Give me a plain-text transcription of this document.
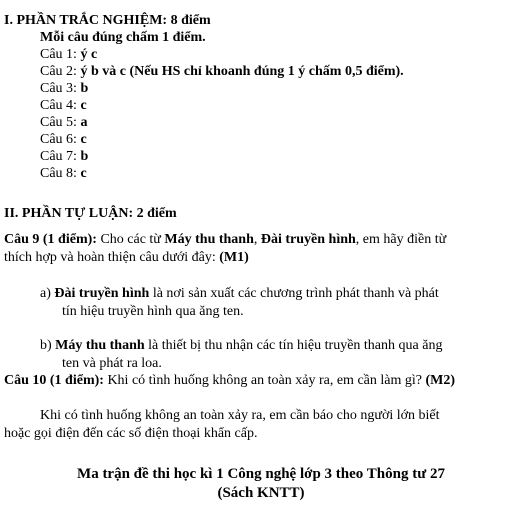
I. PHẦN TRẮC NGHIỆM: 8 điểm
Mỗi câu đúng chấm 1 điểm.
Câu 1: ý c
Câu 2: ý b và c (Nếu HS chỉ khoanh đúng 1 ý chấm 0,5 điểm).
Câu 3: b
Câu 4: c
Câu 5: a
Câu 6: c
Câu 7: b
Câu 8: c
II. PHẦN TỰ LUẬN: 2 điểm
Câu 9 (1 điểm): Cho các từ Máy thu thanh, Đài truyền hình, em hãy điền từ
thích hợp và hoàn thiện câu dưới đây: (M1)
a) Đài truyền hình là nơi sản xuất các chương trình phát thanh và phát
tín hiệu truyền hình qua ăng ten.
b) Máy thu thanh là thiết bị thu nhận các tín hiệu truyền thanh qua ăng
ten và phát ra loa.
Câu 10 (1 điểm): Khi có tình huống không an toàn xảy ra, em cần làm gì? (M2)
Khi có tình huống không an toàn xảy ra, em cần báo cho người lớn biết
hoặc gọi điện đến các số điện thoại khẩn cấp.
Ma trận đề thi học kì 1 Công nghệ lớp 3 theo Thông tư 27
(Sách KNTT)
